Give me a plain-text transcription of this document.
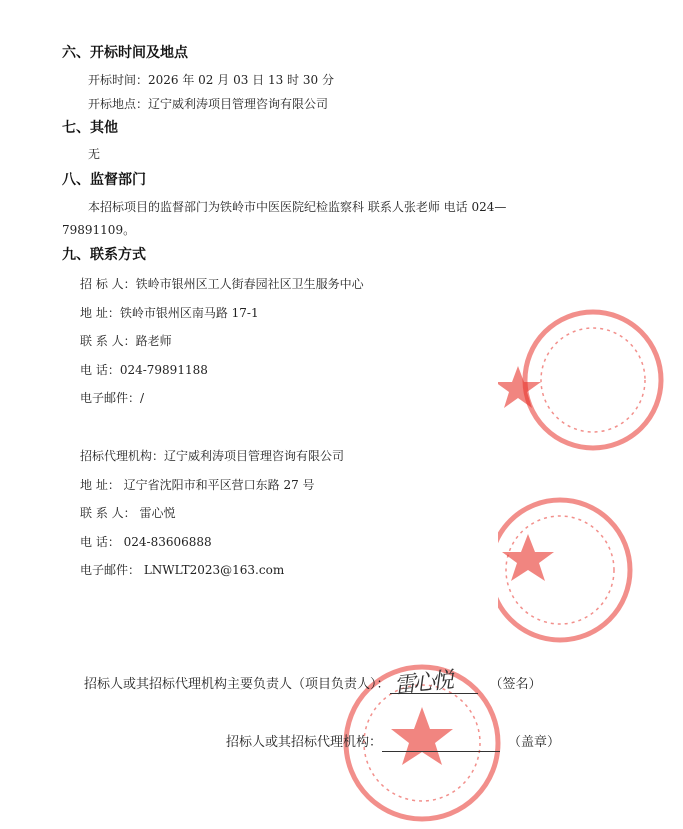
六、开标时间及地点
开标时间：2026 年 02 月 03 日 13 时 30 分
开标地点：辽宁威利涛项目管理咨询有限公司
七、其他
无
八、监督部门
本招标项目的监督部门为铁岭市中医医院纪检监察科 联系人张老师 电话 024—
79891109。
九、联系方式
招 标 人：铁岭市银州区工人街春园社区卫生服务中心
地 址：铁岭市银州区南马路 17-1
联 系 人：路老师
电 话：024-79891188
电子邮件：/
招标代理机构：辽宁威利涛项目管理咨询有限公司
地 址： 辽宁省沈阳市和平区营口东路 27 号
联 系 人： 雷心悦
电 话： 024-83606888
电子邮件： LNWLT2023@163.com
招标人或其招标代理机构主要负责人（项目负责人）： 雷心悦	（签名）
招标人或其招标代理机构：	（盖章）
